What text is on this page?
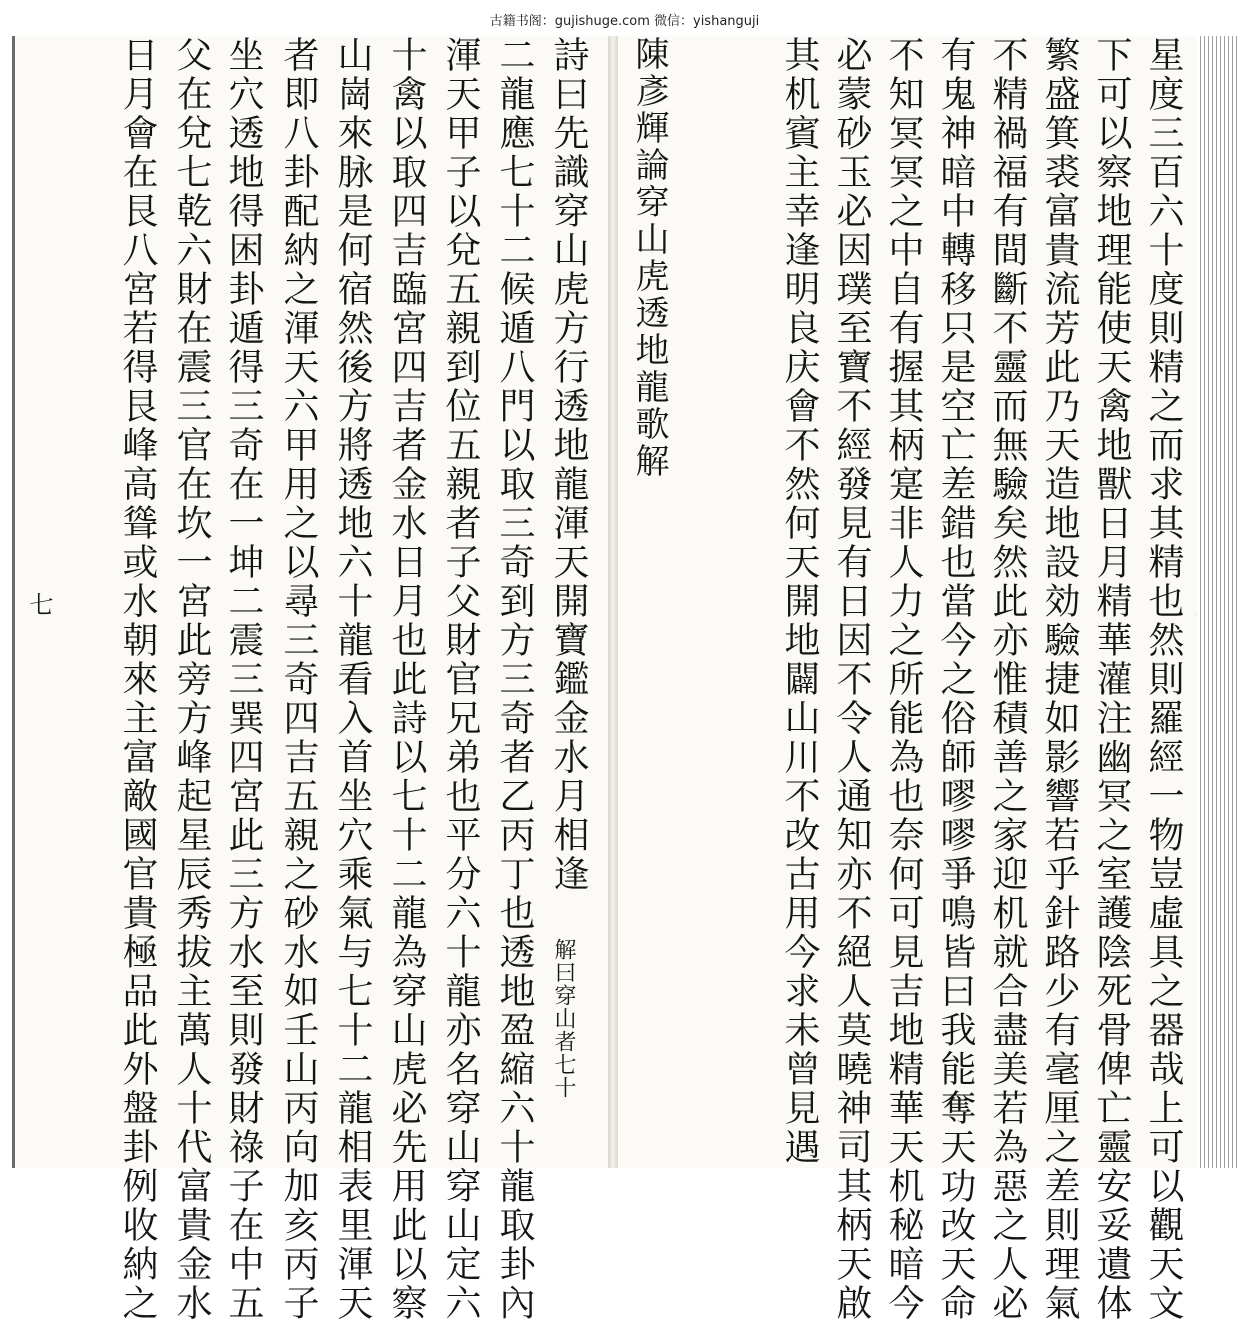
古籍书阁：gujishuge.com 微信：yishanguji
七	詩曰先識穿山虎方行透地龍渾天開寶鑑金水月相逢
解曰穿山者七十
二龍應七十二候遁八門以取三奇到方三奇者乙丙丁也透地盈縮六十龍取卦內
渾天甲子以兌五親到位五親者子父財官兄弟也平分六十龍亦名穿山穿山定六
十禽以取四吉臨宮四吉者金水日月也此詩以七十二龍為穿山虎必先用此以察
山崗來脉是何宿然後方將透地六十龍看入首坐穴乘氣与七十二龍相表里渾天
者即八卦配納之渾天六甲用之以尋三奇四吉五親之砂水如壬山丙向加亥丙子
坐穴透地得困卦遁得三奇在一坤二震三巽四宮此三方水至則發財祿子在中五
父在兌七乾六財在震三官在坎一宮此旁方峰起星辰秀拔主萬人十代富貴金水
日月會在艮八宮若得艮峰高聳或水朝來主富敵國官貴極品此外盤卦例收納之	星度三百六十度則精之而求其精也然則羅經一物豈虛具之器哉上可以觀天文
下可以察地理能使天禽地獸日月精華灌注幽冥之室護陰死骨俾亡靈安妥遺体
繁盛箕裘富貴流芳此乃天造地設効驗捷如影響若乎針路少有毫厘之差則理氣
不精禍福有間斷不靈而無驗矣然此亦惟積善之家迎机就合盡美若為惡之人必
有鬼神暗中轉移只是空亡差錯也當今之俗師嘐嘐爭鳴皆曰我能奪天功改天命
不知冥冥之中自有握其柄寔非人力之所能為也奈何可見吉地精華天机秘暗今
必蒙砂玉必因璞至寶不經發見有日因不令人通知亦不絕人莫曉神司其柄天啟
其机賓主幸逢明良庆會不然何天開地闢山川不改古用今求未曾見遇
陳彥輝論穿山虎透地龍歌解
